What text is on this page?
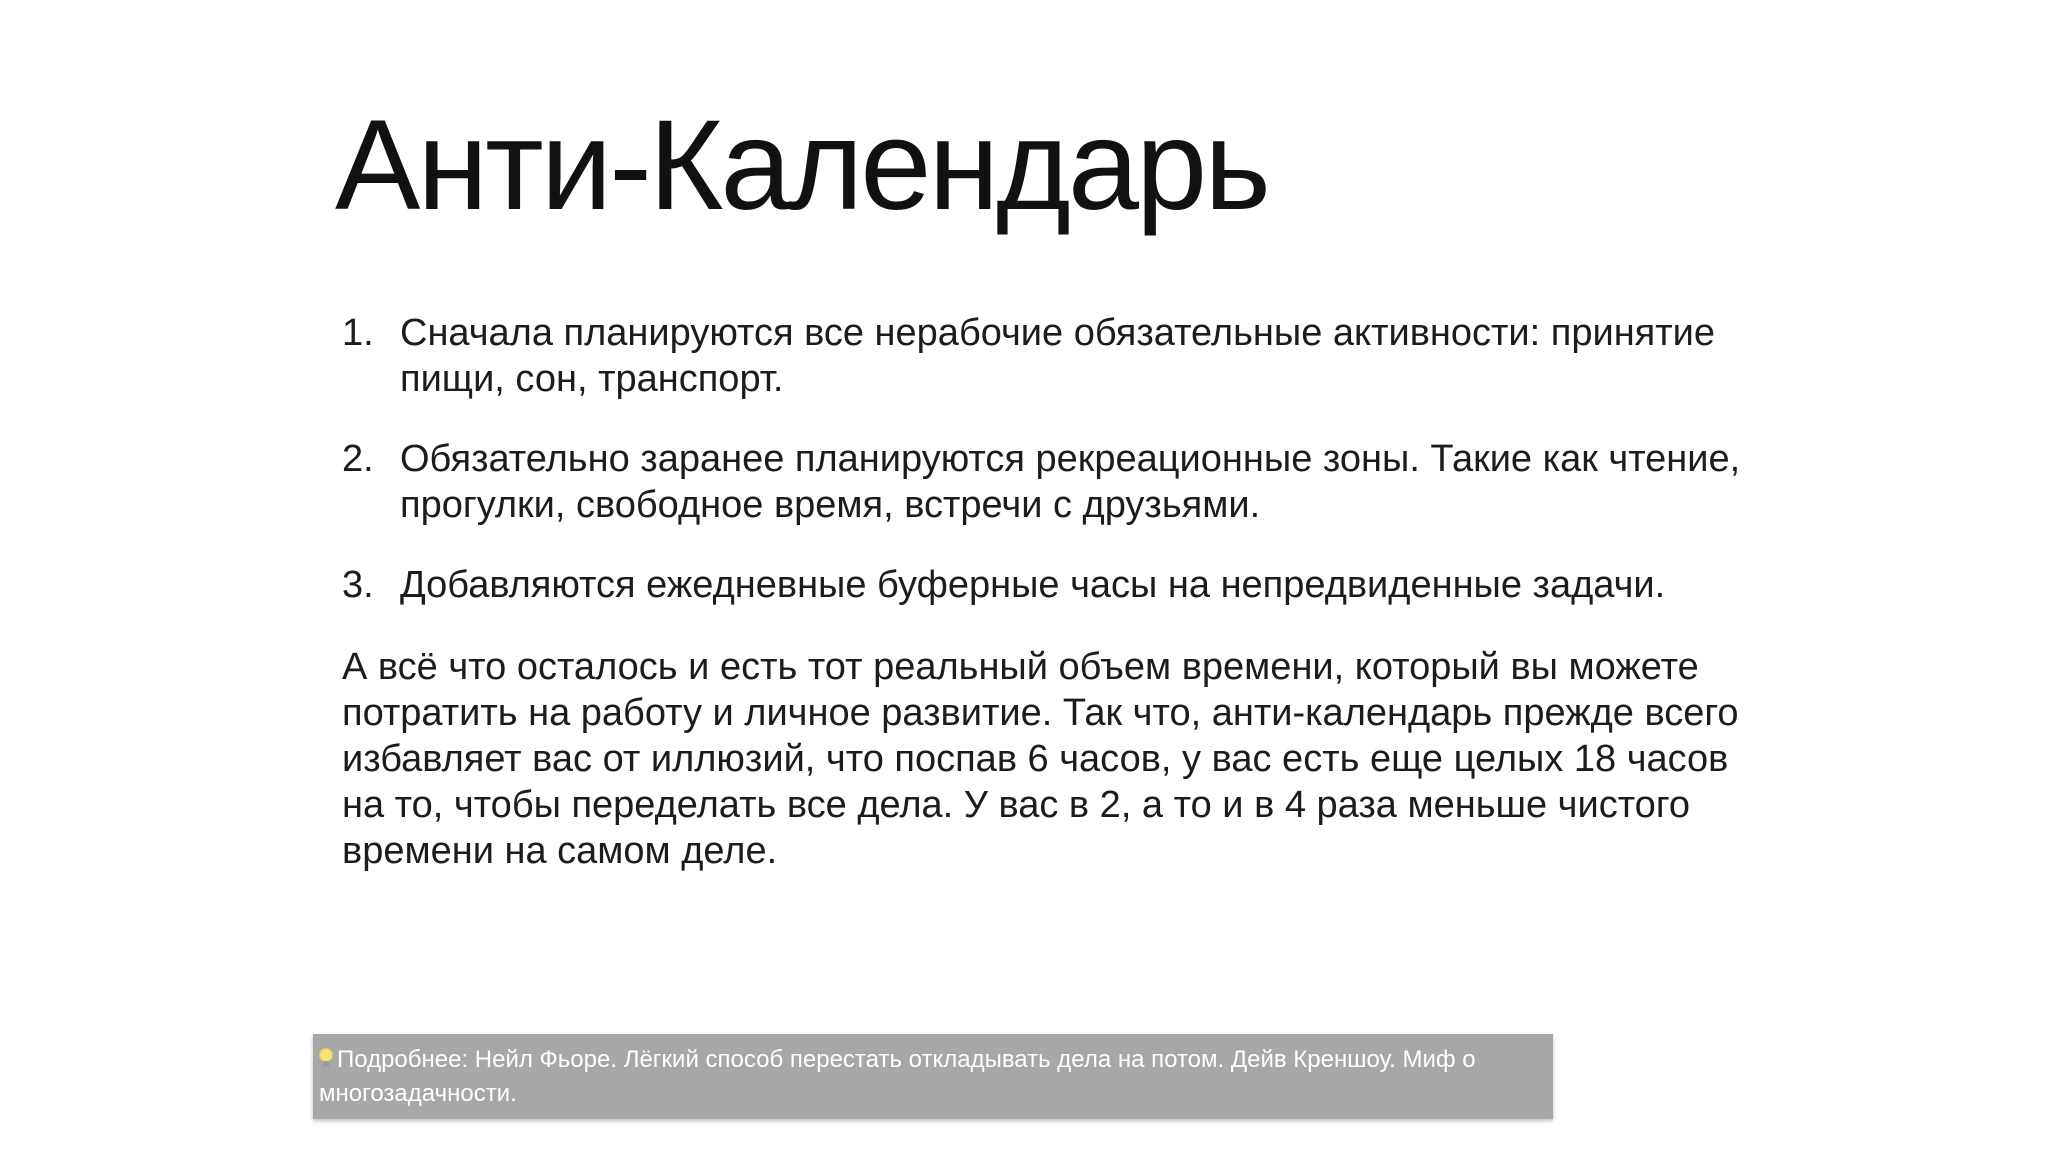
Анти-Календарь
1. Сначала планируются все нерабочие обязательные активности: принятие пищи, сон, транспорт.
2. Обязательно заранее планируются рекреационные зоны. Такие как чтение, прогулки, свободное время, встречи с друзьями.
3. Добавляются ежедневные буферные часы на непредвиденные задачи.

А всё что осталось и есть тот реальный объем времени, который вы можете потратить на работу и личное развитие. Так что, анти-календарь прежде всего избавляет вас от иллюзий, что поспав 6 часов, у вас есть еще целых 18 часов на то, чтобы переделать все дела. У вас в 2, а то и в 4 раза меньше чистого времени на самом деле.

Подробнее: Нейл Фьоре. Лёгкий способ перестать откладывать дела на потом. Дейв Креншоу. Миф о многозадачности.
